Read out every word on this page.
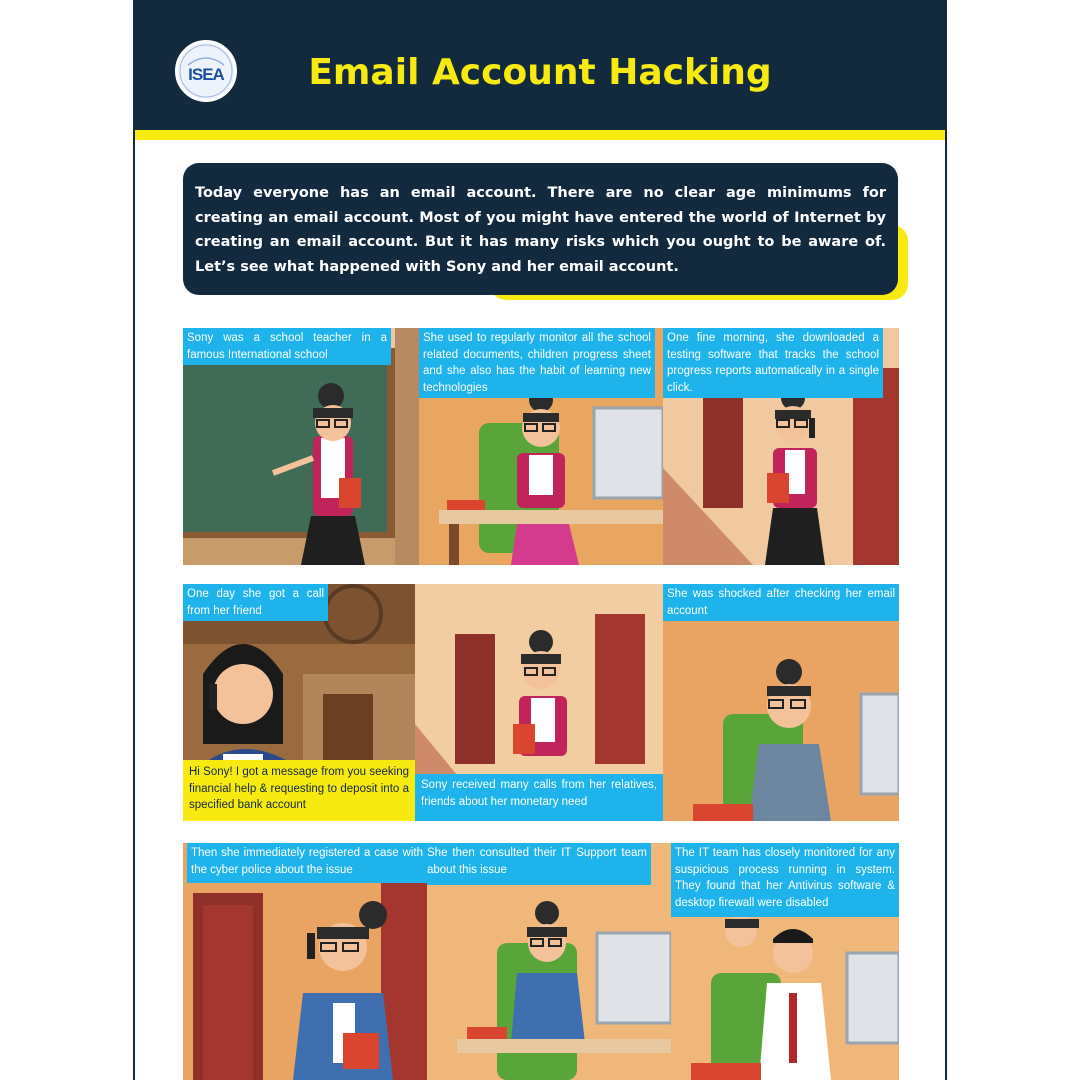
ISEA	Email Account Hacking
Today everyone has an email account. There are no clear age minimums for creating an email account. Most of you might have entered the world of Internet by creating an email account. But it has many risks which you ought to be aware of. Let’s see what happened with Sony and her email account.
Sony was a school teacher in a famous International school
She used to regularly monitor all the school related documents, children progress sheet and she also has the habit of learning new technologies
One fine morning, she downloaded a testing software that tracks the school progress reports automatically in a single click.
One day she got a call from her friend
Hi Sony! I got a message from you seeking financial help & requesting to deposit into a specified bank account
Sony received many calls from her relatives, friends about her monetary need
She was shocked after checking her email account
Then she immediately registered a case with the cyber police about the issue
She then consulted their IT Support team about this issue
The IT team has closely monitored for any suspicious process running in system. They found that her Antivirus software & desktop firewall were disabled
